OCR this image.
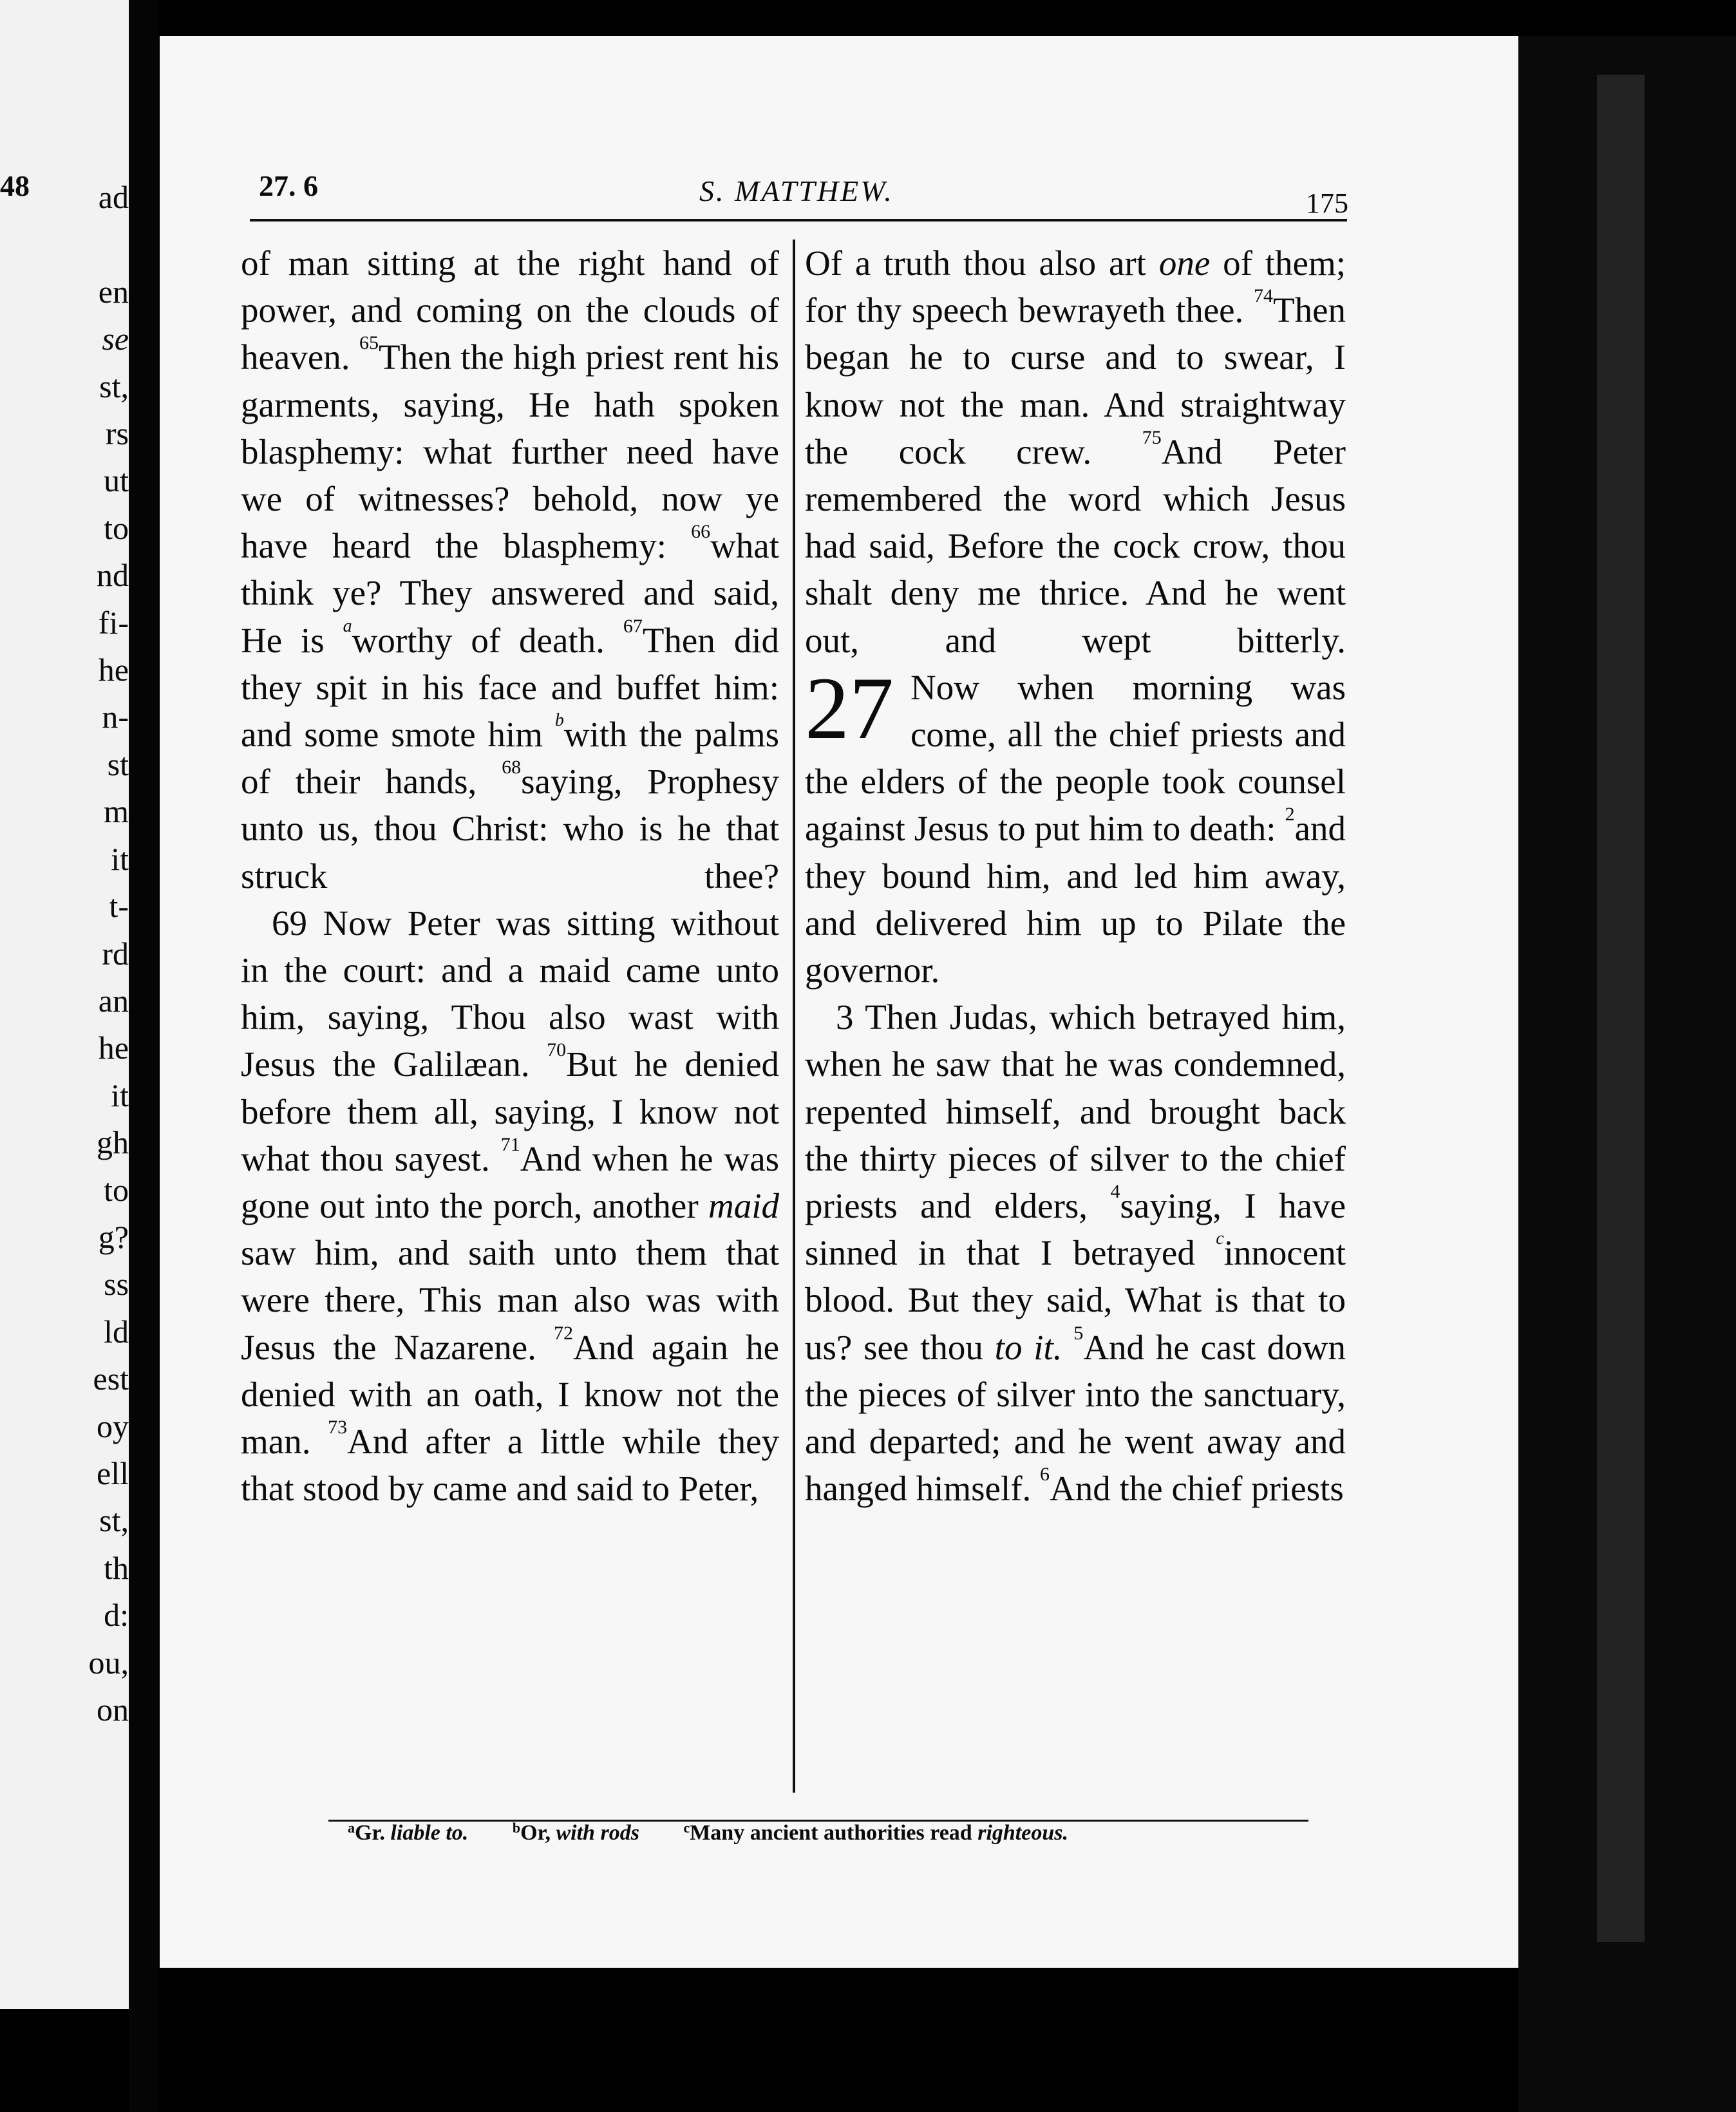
48	ad

en
se
st,
rs
ut
to
nd
fi-
he
n-
st
m
it
t-
rd
an
he
it
gh
to
g?
ss
ld
est
oy
ell
st,
th
d:
ou,
on
27. 6	S. MATTHEW.	175

of man sitting at the right hand of power, and coming on the clouds of heaven. $^{65}$Then the high priest rent his garments, saying, He hath spoken blasphemy: what further need have we of witnesses? behold, now ye have heard the blasphemy: $^{66}$what think ye? They answered and said, He is $^a$worthy of death. $^{67}$Then did they spit in his face and buffet him: and some smote him $^b$with the palms of their hands, $^{68}$saying, Prophesy unto us, thou Christ: who is he that struck thee?

69 Now Peter was sitting without in the court: and a maid came unto him, saying, Thou also wast with Jesus the Galilæan. $^{70}$But he denied before them all, saying, I know not what thou sayest. $^{71}$And when he was gone out into the porch, another maid saw him, and saith unto them that were there, This man also was with Jesus the Nazarene. $^{72}$And again he denied with an oath, I know not the man. $^{73}$And after a little while they that stood by came and said to Peter,

Of a truth thou also art one of them; for thy speech bewrayeth thee. $^{74}$Then began he to curse and to swear, I know not the man. And straightway the cock crew.	$^{75}$And Peter remembered the word which Jesus had said, Before the cock crow, thou shalt deny me thrice. And he went out, and wept bitterly.

27 Now when morning was come, all the chief priests and the elders of the people took counsel against Jesus to put him to death: $^2$and they bound him, and led him away, and delivered him up to Pilate the governor.

3 Then Judas, which betrayed him, when he saw that he was condemned, repented himself, and brought back the thirty pieces of silver to the chief priests and elders, $^4$saying, I have sinned in that I betrayed $^c$innocent blood. But they said, What is that to us? see thou to it. $^5$And he cast down the pieces of silver into the sanctuary, and departed; and he went away and hanged himself. $^6$And the chief priests

$^a$Gr. liable to.	$^b$Or, with rods	$^c$Many ancient authorities read righteous.
